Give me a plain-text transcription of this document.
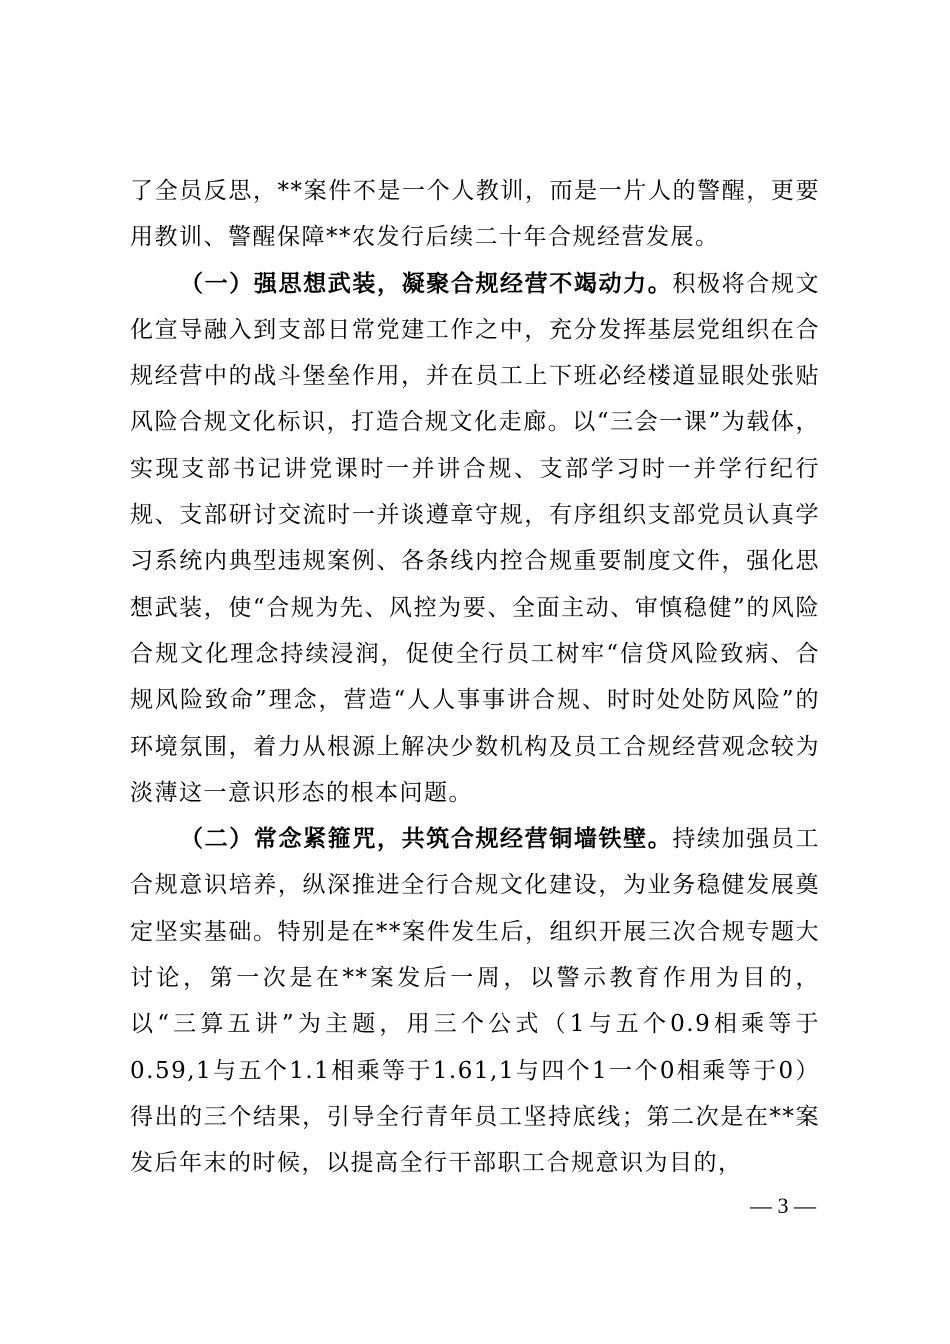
了全员反思，**案件不是一个人教训，而是一片人的警醒，更要用教训、警醒保障**农发行后续二十年合规经营发展。

（一）强思想武装，凝聚合规经营不竭动力。积极将合规文化宣导融入到支部日常党建工作之中，充分发挥基层党组织在合规经营中的战斗堡垒作用，并在员工上下班必经楼道显眼处张贴风险合规文化标识，打造合规文化走廊。以“三会一课”为载体，实现支部书记讲党课时一并讲合规、支部学习时一并学行纪行规、支部研讨交流时一并谈遵章守规，有序组织支部党员认真学习系统内典型违规案例、各条线内控合规重要制度文件，强化思想武装，使“合规为先、风控为要、全面主动、审慎稳健”的风险合规文化理念持续浸润，促使全行员工树牢“信贷风险致病、合规风险致命”理念，营造“人人事事讲合规、时时处处防风险”的环境氛围，着力从根源上解决少数机构及员工合规经营观念较为淡薄这一意识形态的根本问题。

（二）常念紧箍咒，共筑合规经营铜墙铁壁。持续加强员工合规意识培养，纵深推进全行合规文化建设，为业务稳健发展奠定坚实基础。特别是在**案件发生后，组织开展三次合规专题大讨论，第一次是在**案发后一周，以警示教育作用为目的，以“三算五讲”为主题，用三个公式（1与五个0.9相乘等于0.59,1与五个1.1相乘等于1.61,1与四个1一个0相乘等于0）得出的三个结果，引导全行青年员工坚持底线；第二次是在**案发后年末的时候，以提高全行干部职工合规意识为目的，

— 3 —
